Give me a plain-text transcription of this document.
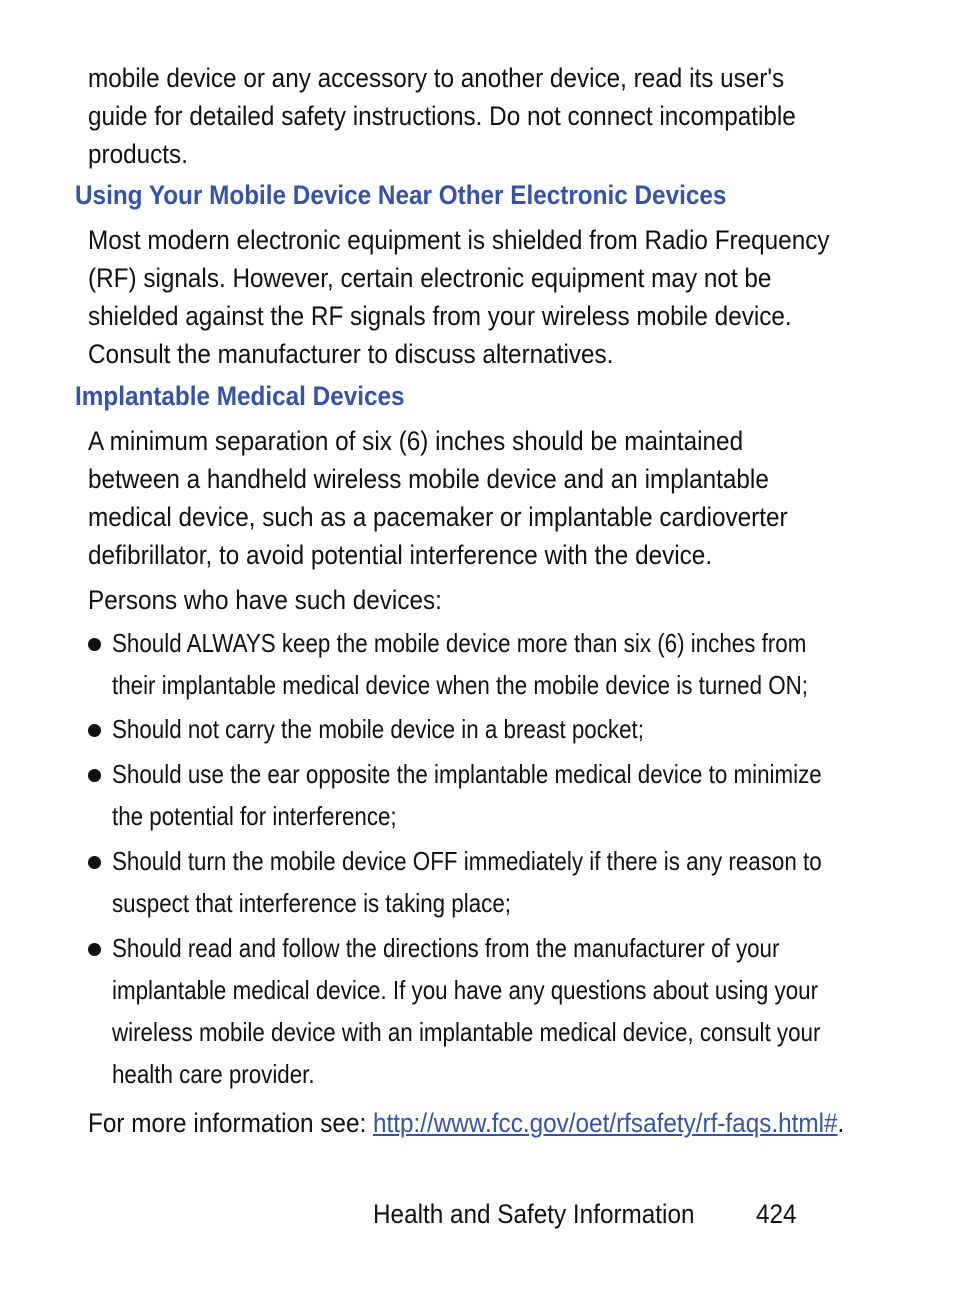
mobile device or any accessory to another device, read its user's guide for detailed safety instructions. Do not connect incompatible products.

Using Your Mobile Device Near Other Electronic Devices

Most modern electronic equipment is shielded from Radio Frequency (RF) signals. However, certain electronic equipment may not be shielded against the RF signals from your wireless mobile device. Consult the manufacturer to discuss alternatives.

Implantable Medical Devices

A minimum separation of six (6) inches should be maintained between a handheld wireless mobile device and an implantable medical device, such as a pacemaker or implantable cardioverter defibrillator, to avoid potential interference with the device.

Persons who have such devices:

Should ALWAYS keep the mobile device more than six (6) inches from their implantable medical device when the mobile device is turned ON;
Should not carry the mobile device in a breast pocket;
Should use the ear opposite the implantable medical device to minimize the potential for interference;
Should turn the mobile device OFF immediately if there is any reason to suspect that interference is taking place;
Should read and follow the directions from the manufacturer of your implantable medical device. If you have any questions about using your wireless mobile device with an implantable medical device, consult your health care provider.

For more information see: http://www.fcc.gov/oet/rfsafety/rf-faqs.html#.

Health and Safety Information 424
